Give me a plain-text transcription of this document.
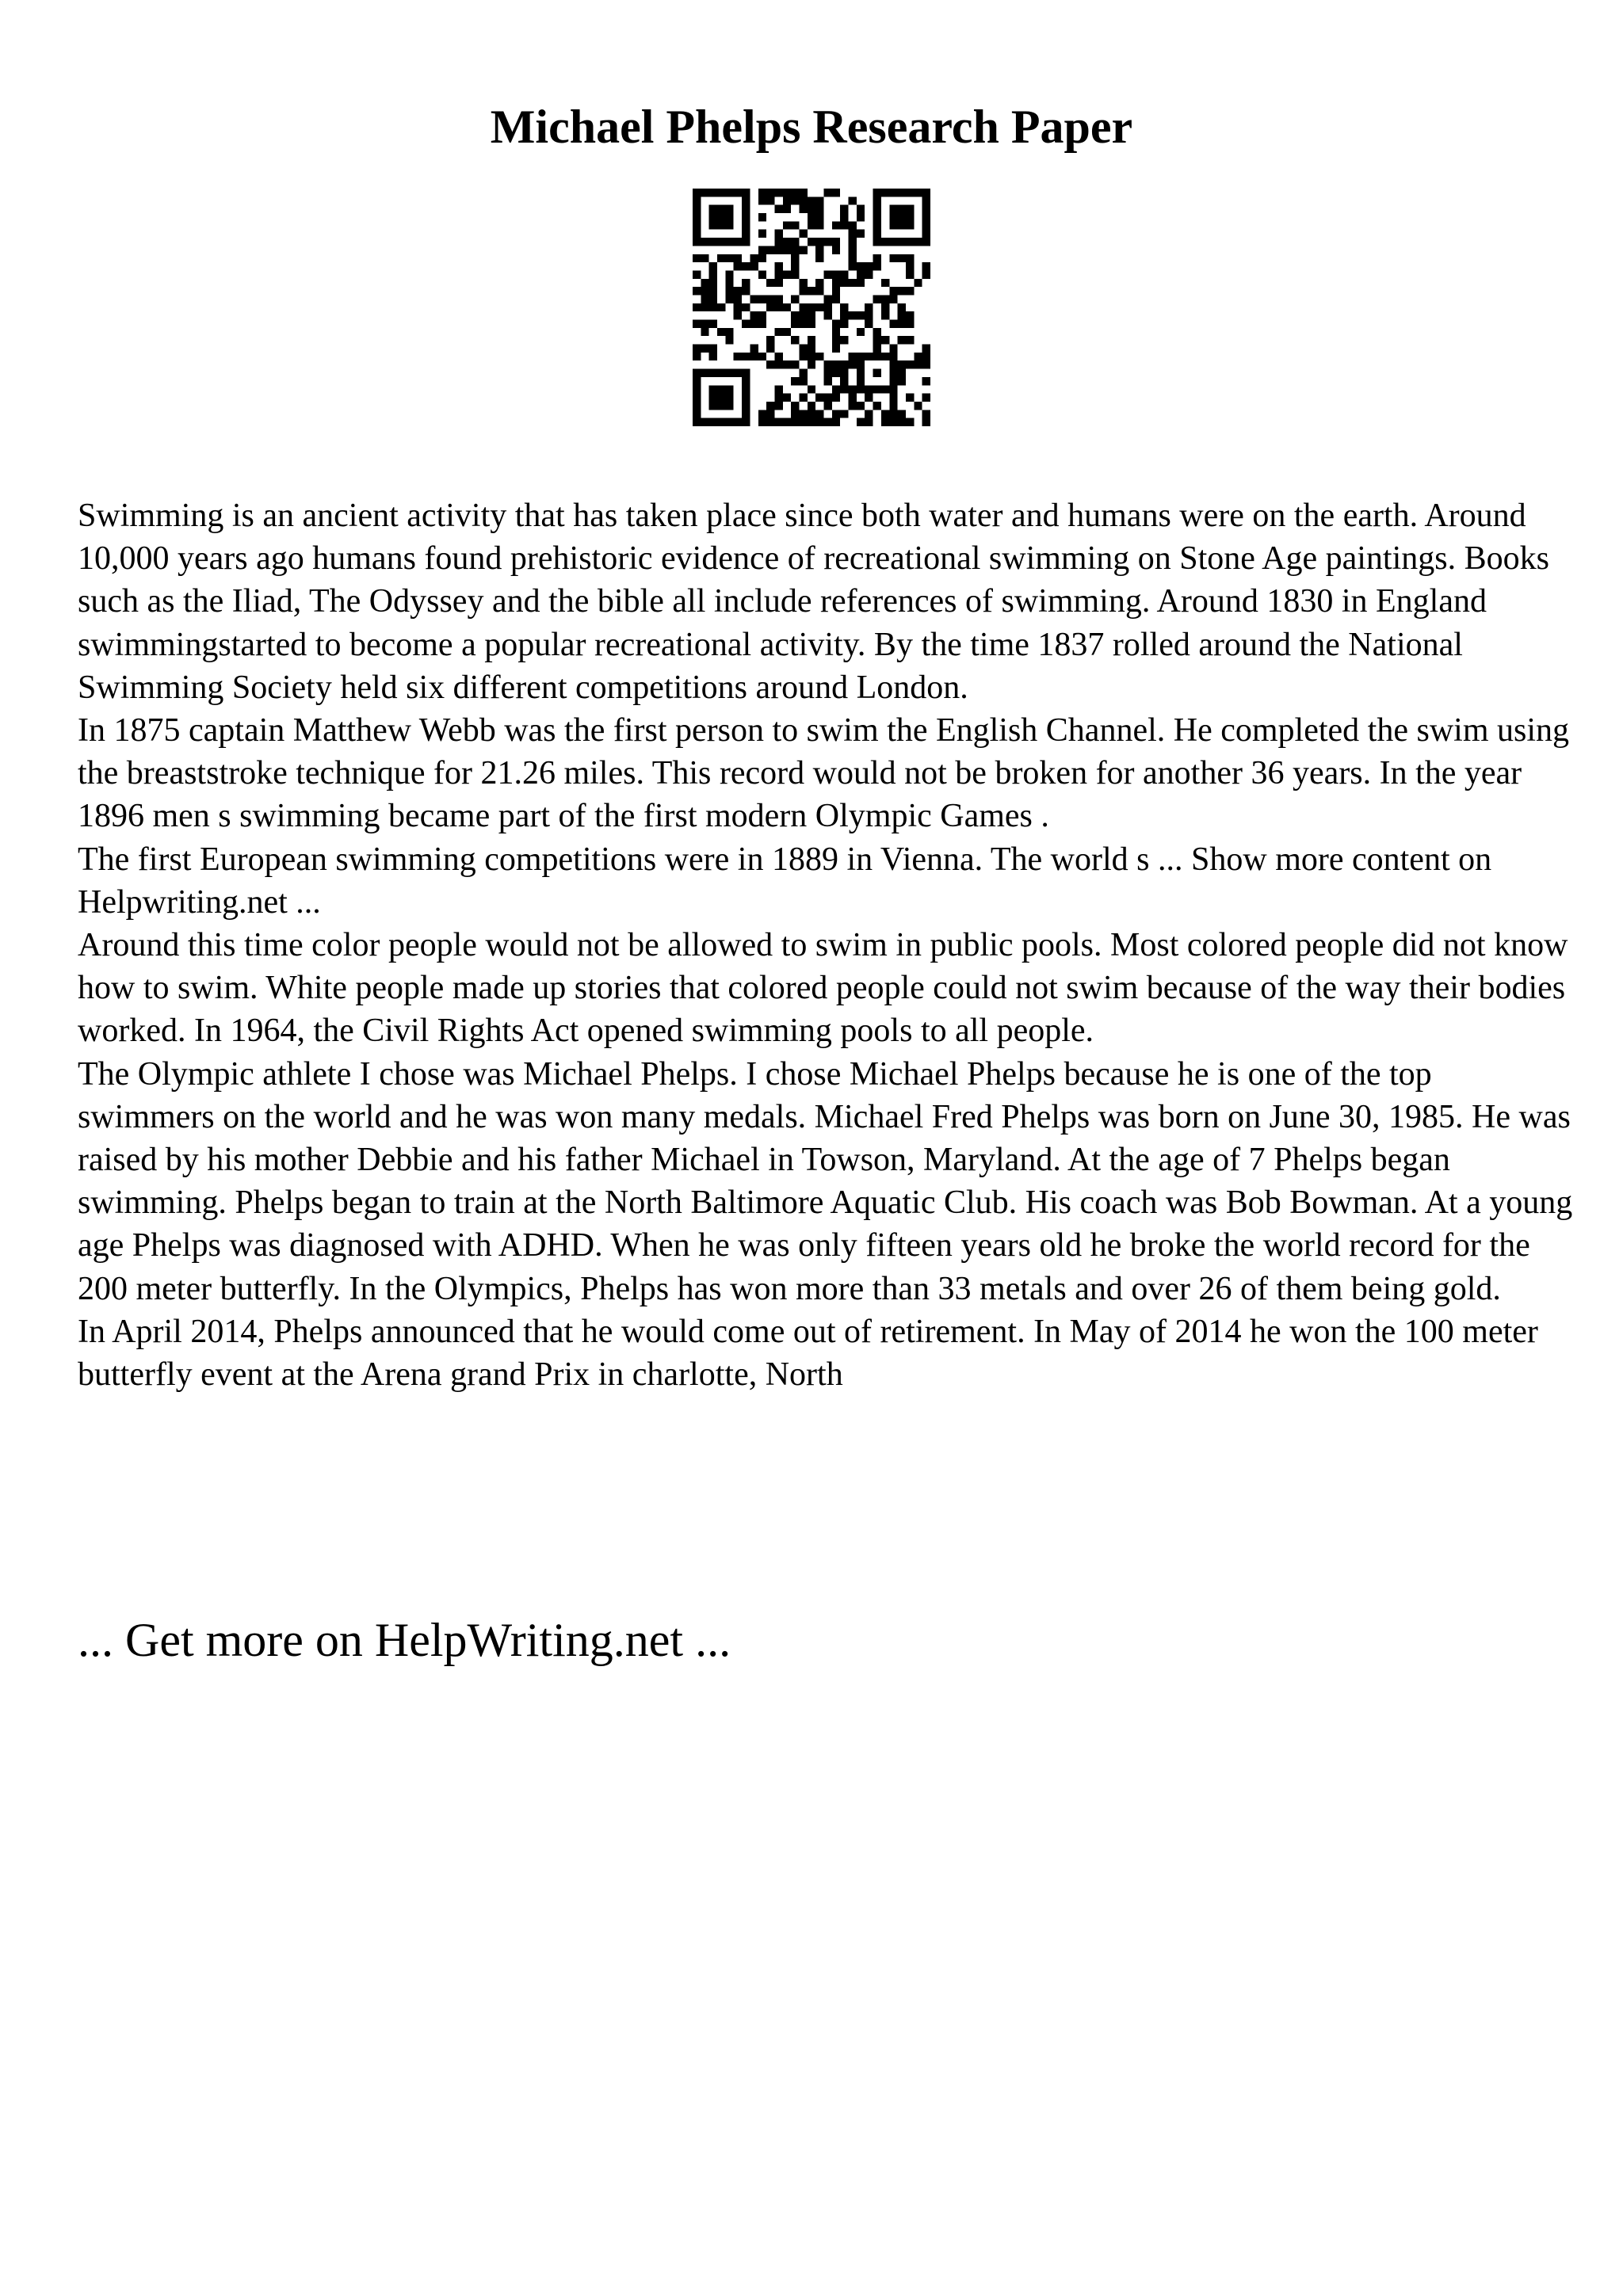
Michael Phelps Research Paper

Swimming is an ancient activity that has taken place since both water and humans were on the earth. Around 10,000 years ago humans found prehistoric evidence of recreational swimming on Stone Age paintings. Books such as the Iliad, The Odyssey and the bible all include references of swimming. Around 1830 in England swimmingstarted to become a popular recreational activity. By the time 1837 rolled around the National Swimming Society held six different competitions around London.

In 1875 captain Matthew Webb was the first person to swim the English Channel. He completed the swim using the breaststroke technique for 21.26 miles. This record would not be broken for another 36 years. In the year 1896 men s swimming became part of the first modern Olympic Games .

The first European swimming competitions were in 1889 in Vienna. The world s ... Show more content on Helpwriting.net ...

Around this time color people would not be allowed to swim in public pools. Most colored people did not know how to swim. White people made up stories that colored people could not swim because of the way their bodies worked. In 1964, the Civil Rights Act opened swimming pools to all people.

The Olympic athlete I chose was Michael Phelps. I chose Michael Phelps because he is one of the top swimmers on the world and he was won many medals. Michael Fred Phelps was born on June 30, 1985. He was raised by his mother Debbie and his father Michael in Towson, Maryland. At the age of 7 Phelps began swimming. Phelps began to train at the North Baltimore Aquatic Club. His coach was Bob Bowman. At a young age Phelps was diagnosed with ADHD. When he was only fifteen years old he broke the world record for the 200 meter butterfly. In the Olympics, Phelps has won more than 33 metals and over 26 of them being gold.

In April 2014, Phelps announced that he would come out of retirement. In May of 2014 he won the 100 meter butterfly event at the Arena grand Prix in charlotte, North

... Get more on HelpWriting.net ...
